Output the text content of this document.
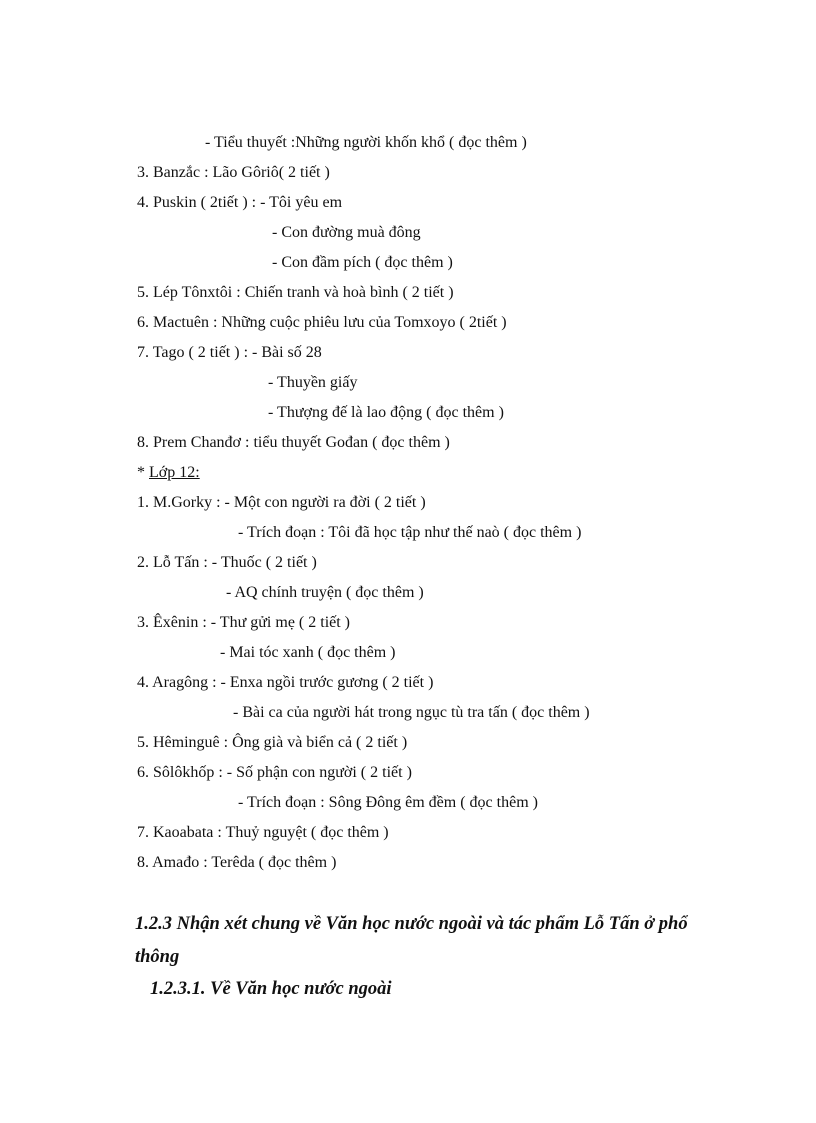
- Tiểu thuyết :Những người khốn khổ ( đọc thêm )
3. Banzắc : Lão Gôriô( 2 tiết )
4. Puskin ( 2tiết ) : - Tôi yêu em
- Con đường muà đông
- Con đầm pích ( đọc thêm )
5. Lép Tônxtôi : Chiến tranh và hoà bình ( 2 tiết )
6. Mactuên : Những cuộc phiêu lưu của Tomxoyo ( 2tiết )
7. Tago ( 2 tiết ) : - Bài số 28
- Thuyền giấy
- Thượng đế là lao động ( đọc thêm )
8. Prem Chanđơ : tiểu thuyết Gođan ( đọc thêm )
* Lớp 12:
1. M.Gorky : - Một con người ra đời ( 2 tiết )
- Trích đoạn : Tôi đã học tập như thế naò ( đọc thêm )
2. Lỗ Tấn : - Thuốc ( 2 tiết )
- AQ chính truyện ( đọc thêm )
3. Êxênin : - Thư gửi mẹ ( 2 tiết )
- Mai tóc xanh ( đọc thêm )
4. Aragông : - Enxa ngồi trước gương ( 2 tiết )
- Bài ca của người hát trong ngục tù tra tấn ( đọc thêm )
5. Hêminguê : Ông già và biển cả ( 2 tiết )
6. Sôlôkhốp : - Số phận con người ( 2 tiết )
- Trích đoạn : Sông Đông êm đềm ( đọc thêm )
7. Kaoabata : Thuỷ nguyệt ( đọc thêm )
8. Amađo : Terêda ( đọc thêm )
1.2.3 Nhận xét chung về Văn học nước ngoài và tác phẩm Lỗ Tấn ở phổ
thông
1.2.3.1. Về Văn học nước ngoài
